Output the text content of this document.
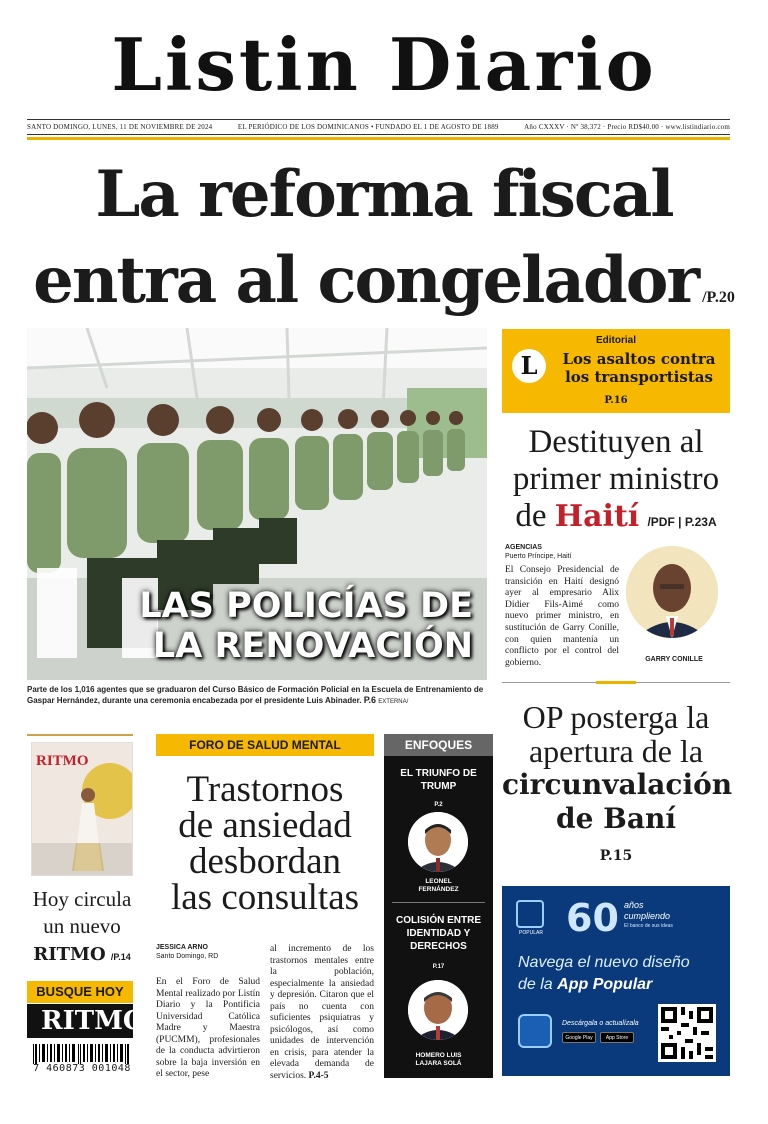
Listin Diario
SANTO DOMINGO, LUNES, 11 DE NOVIEMBRE DE 2024	EL PERIÓDICO DE LOS DOMINICANOS • FUNDADO EL 1 DE AGOSTO DE 1889	Año CXXXV · Nº 38,372 · Precio RD$40.00 · www.listindiario.com
La reforma fiscal
entra al congelador /P.20
LAS POLICÍAS DE
LA RENOVACIÓN
Parte de los 1,016 agentes que se graduaron del Curso Básico de Formación Policial en la Escuela de Entrenamiento de Gaspar Hernández, durante una ceremonia encabezada por el presidente Luis Abinader. P.6 EXTERNA/
Editorial
L	Los asaltos contra los transportistas
P.16
Destituyen al
primer ministro
de Haití /PDF | P.23A
AGENCIAS
Puerto Príncipe, Haití
El Consejo Presidencial de transición en Haití designó ayer al empresario Alix Didier Fils-Aimé como nuevo primer ministro, en sustitución de Garry Conille, con quien mantenía un conflicto por el control del gobierno.	GARRY CONILLE
OP posterga la
apertura de la
circunvalación
de Baní
P.15
POPULAR 60 años
cumpliendo
El banco de sus ideas
Navega el nuevo diseño
de la App Popular
Descárgala o actualízala
Google Play	App Store
RITMO
Hoy circula
un nuevo
RITMO /P.14
BUSQUE HOY
RITMO
7 460873 001048
FORO DE SALUD MENTAL
Trastornos
de ansiedad
desbordan
las consultas
JESSICA ARNO
Santo Domingo, RD
En el Foro de Salud Mental realizado por Listín Diario y la Pontificia Universidad Católica Madre y Maestra (PUCMM), profesionales de la conducta advirtieron sobre la baja inversión en el sector, pese
al incremento de los trastornos mentales entre la población, especialmente la ansiedad y depresión. Citaron que el país no cuenta con suficientes psiquiatras y psicólogos, así como unidades de intervención en crisis, para atender la elevada demanda de servicios. P.4-5
ENFOQUES
EL TRIUNFO DE TRUMP
P.2
LEONEL
FERNÁNDEZ
COLISIÓN ENTRE IDENTIDAD Y DERECHOS
P.17
HOMERO LUIS
LAJARA SOLÁ
